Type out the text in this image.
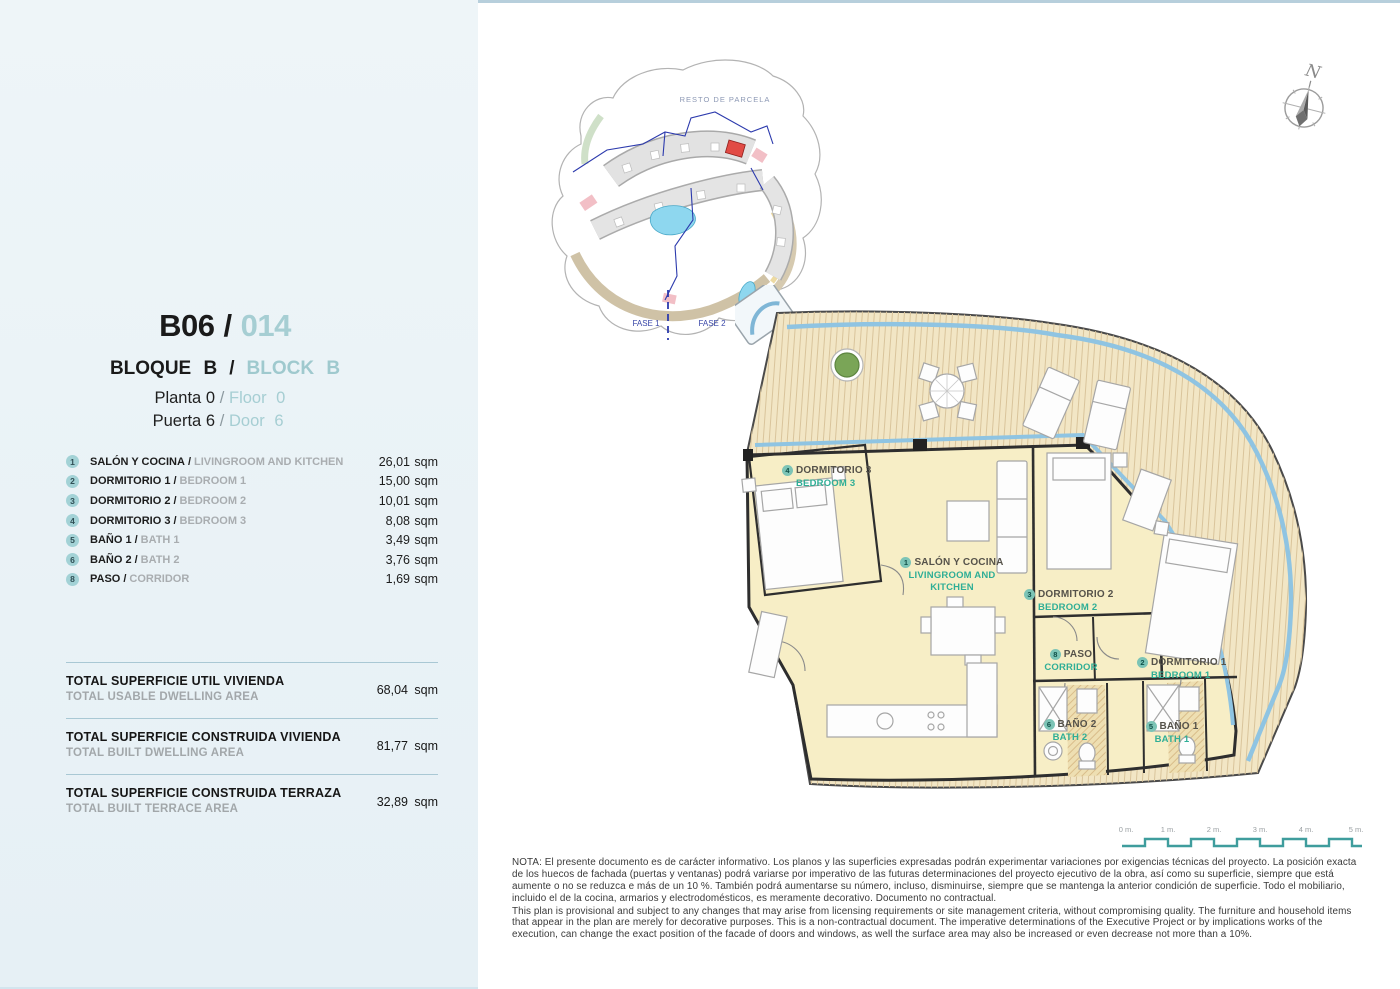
B06 / 014
BLOQUE B / BLOCK B
Planta 0 / Floor 0
Puerta 6 / Door 6
1	SALÓN Y COCINA / LIVINGROOM AND KITCHEN	26,01 sqm
2	DORMITORIO 1 / BEDROOM 1	15,00 sqm
3	DORMITORIO 2 / BEDROOM 2	10,01 sqm
4	DORMITORIO 3 / BEDROOM 3	8,08 sqm
5	BAÑO 1 / BATH 1	3,49 sqm
6	BAÑO 2 / BATH 2	3,76 sqm
8	PASO / CORRIDOR	1,69 sqm
TOTAL SUPERFICIE UTIL VIVIENDA
TOTAL USABLE DWELLING AREA	68,04 sqm
TOTAL SUPERFICIE CONSTRUIDA VIVIENDA
TOTAL BUILT DWELLING AREA	81,77 sqm
TOTAL SUPERFICIE CONSTRUIDA TERRAZA
TOTAL BUILT TERRACE AREA	32,89 sqm
RESTO DE PARCELA
FASE 1	FASE 2
N
4 DORMITORIO 3
BEDROOM 3
1 SALÓN Y COCINA
LIVINGROOM AND KITCHEN
3 DORMITORIO 2
BEDROOM 2
8 PASO
CORRIDOR	2 DORMITORIO 1
BEDROOM 1
6 BAÑO 2
BATH 2
5 BAÑO 1
BATH 1
0 m.	1 m.	2 m.	3 m.	4 m.	5 m.

NOTA: El presente documento es de carácter informativo. Los planos y las superficies expresadas podrán experimentar variaciones por exigencias técnicas del proyecto. La posición exacta de los huecos de fachada (puertas y ventanas) podrá variarse por imperativo de las futuras determinaciones del proyecto ejecutivo de la obra, así como su superficie, siempre que está aumente o no se reduzca e más de un 10 %. También podrá aumentarse su número, incluso, disminuirse, siempre que se mantenga la anterior condición de superficie. Todo el mobiliario, incluido el de la cocina, armarios y electrodomésticos, es meramente decorativo. Documento no contractual.

This plan is provisional and subject to any changes that may arise from licensing requirements or site management criteria, without compromising quality. The furniture and household items that appear in the plan are merely for decorative purposes. This is a non-contractual document. The imperative determinations of the Executive Project or by implications works of the execution, can change the exact position of the facade of doors and windows, as well the surface area may also be increased or even decrease not more than a 10%.
